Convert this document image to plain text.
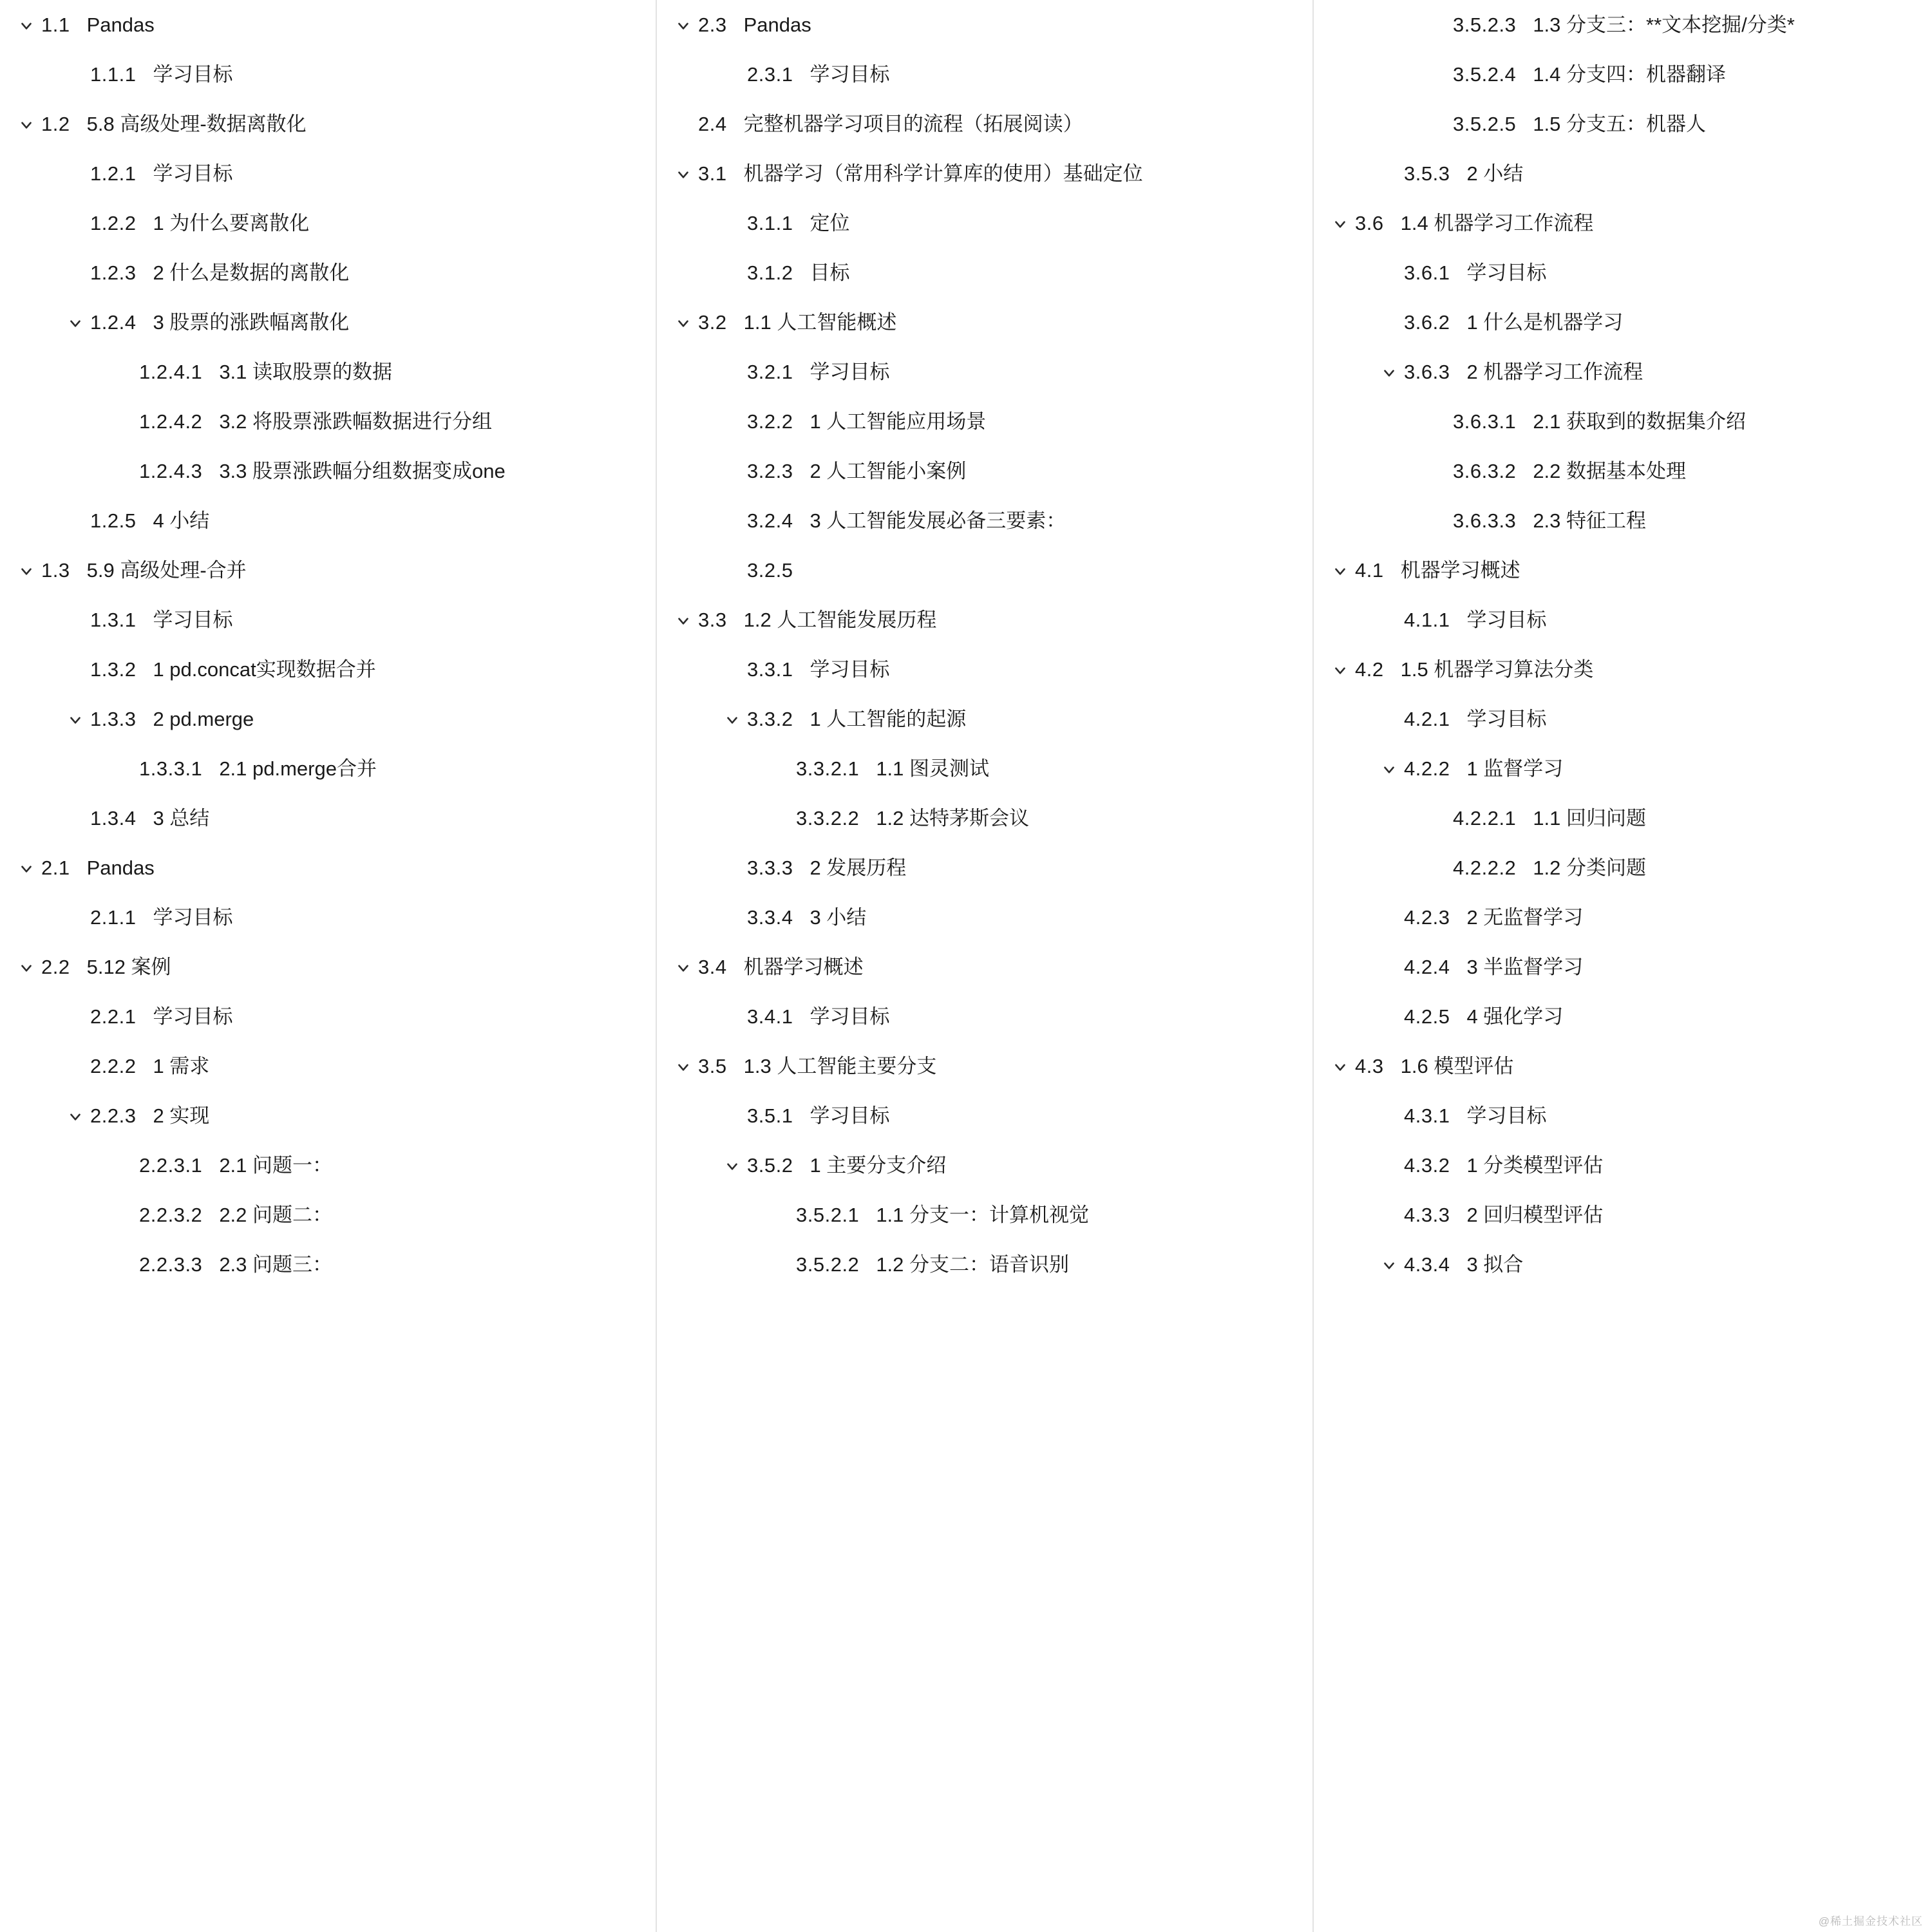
1.1 Pandas
1.1.1 学习目标
1.2 5.8 高级处理-数据离散化
1.2.1 学习目标
1.2.2 1 为什么要离散化
1.2.3 2 什么是数据的离散化
1.2.4 3 股票的涨跌幅离散化
1.2.4.1 3.1 读取股票的数据
1.2.4.2 3.2 将股票涨跌幅数据进行分组
1.2.4.3 3.3 股票涨跌幅分组数据变成one
1.2.5 4 小结
1.3 5.9 高级处理-合并
1.3.1 学习目标
1.3.2 1 pd.concat实现数据合并
1.3.3 2 pd.merge
1.3.3.1 2.1 pd.merge合并
1.3.4 3 总结
2.1 Pandas
2.1.1 学习目标
2.2 5.12 案例
2.2.1 学习目标
2.2.2 1 需求
2.2.3 2 实现
2.2.3.1 2.1 问题一：
2.2.3.2 2.2 问题二：
2.2.3.3 2.3 问题三：
2.3 Pandas
2.3.1 学习目标
2.4 完整机器学习项目的流程（拓展阅读）
3.1 机器学习（常用科学计算库的使用）基础定位
3.1.1 定位
3.1.2 目标
3.2 1.1 人工智能概述
3.2.1 学习目标
3.2.2 1 人工智能应用场景
3.2.3 2 人工智能小案例
3.2.4 3 人工智能发展必备三要素：
3.2.5
3.3 1.2 人工智能发展历程
3.3.1 学习目标
3.3.2 1 人工智能的起源
3.3.2.1 1.1 图灵测试
3.3.2.2 1.2 达特茅斯会议
3.3.3 2 发展历程
3.3.4 3 小结
3.4 机器学习概述
3.4.1 学习目标
3.5 1.3 人工智能主要分支
3.5.1 学习目标
3.5.2 1 主要分支介绍
3.5.2.1 1.1 分支一：计算机视觉
3.5.2.2 1.2 分支二：语音识别
3.5.2.3 1.3 分支三：**文本挖掘/分类*
3.5.2.4 1.4 分支四：机器翻译
3.5.2.5 1.5 分支五：机器人
3.5.3 2 小结
3.6 1.4 机器学习工作流程
3.6.1 学习目标
3.6.2 1 什么是机器学习
3.6.3 2 机器学习工作流程
3.6.3.1 2.1 获取到的数据集介绍
3.6.3.2 2.2 数据基本处理
3.6.3.3 2.3 特征工程
4.1 机器学习概述
4.1.1 学习目标
4.2 1.5 机器学习算法分类
4.2.1 学习目标
4.2.2 1 监督学习
4.2.2.1 1.1 回归问题
4.2.2.2 1.2 分类问题
4.2.3 2 无监督学习
4.2.4 3 半监督学习
4.2.5 4 强化学习
4.3 1.6 模型评估
4.3.1 学习目标
4.3.2 1 分类模型评估
4.3.3 2 回归模型评估
4.3.4 3 拟合
@稀土掘金技术社区
